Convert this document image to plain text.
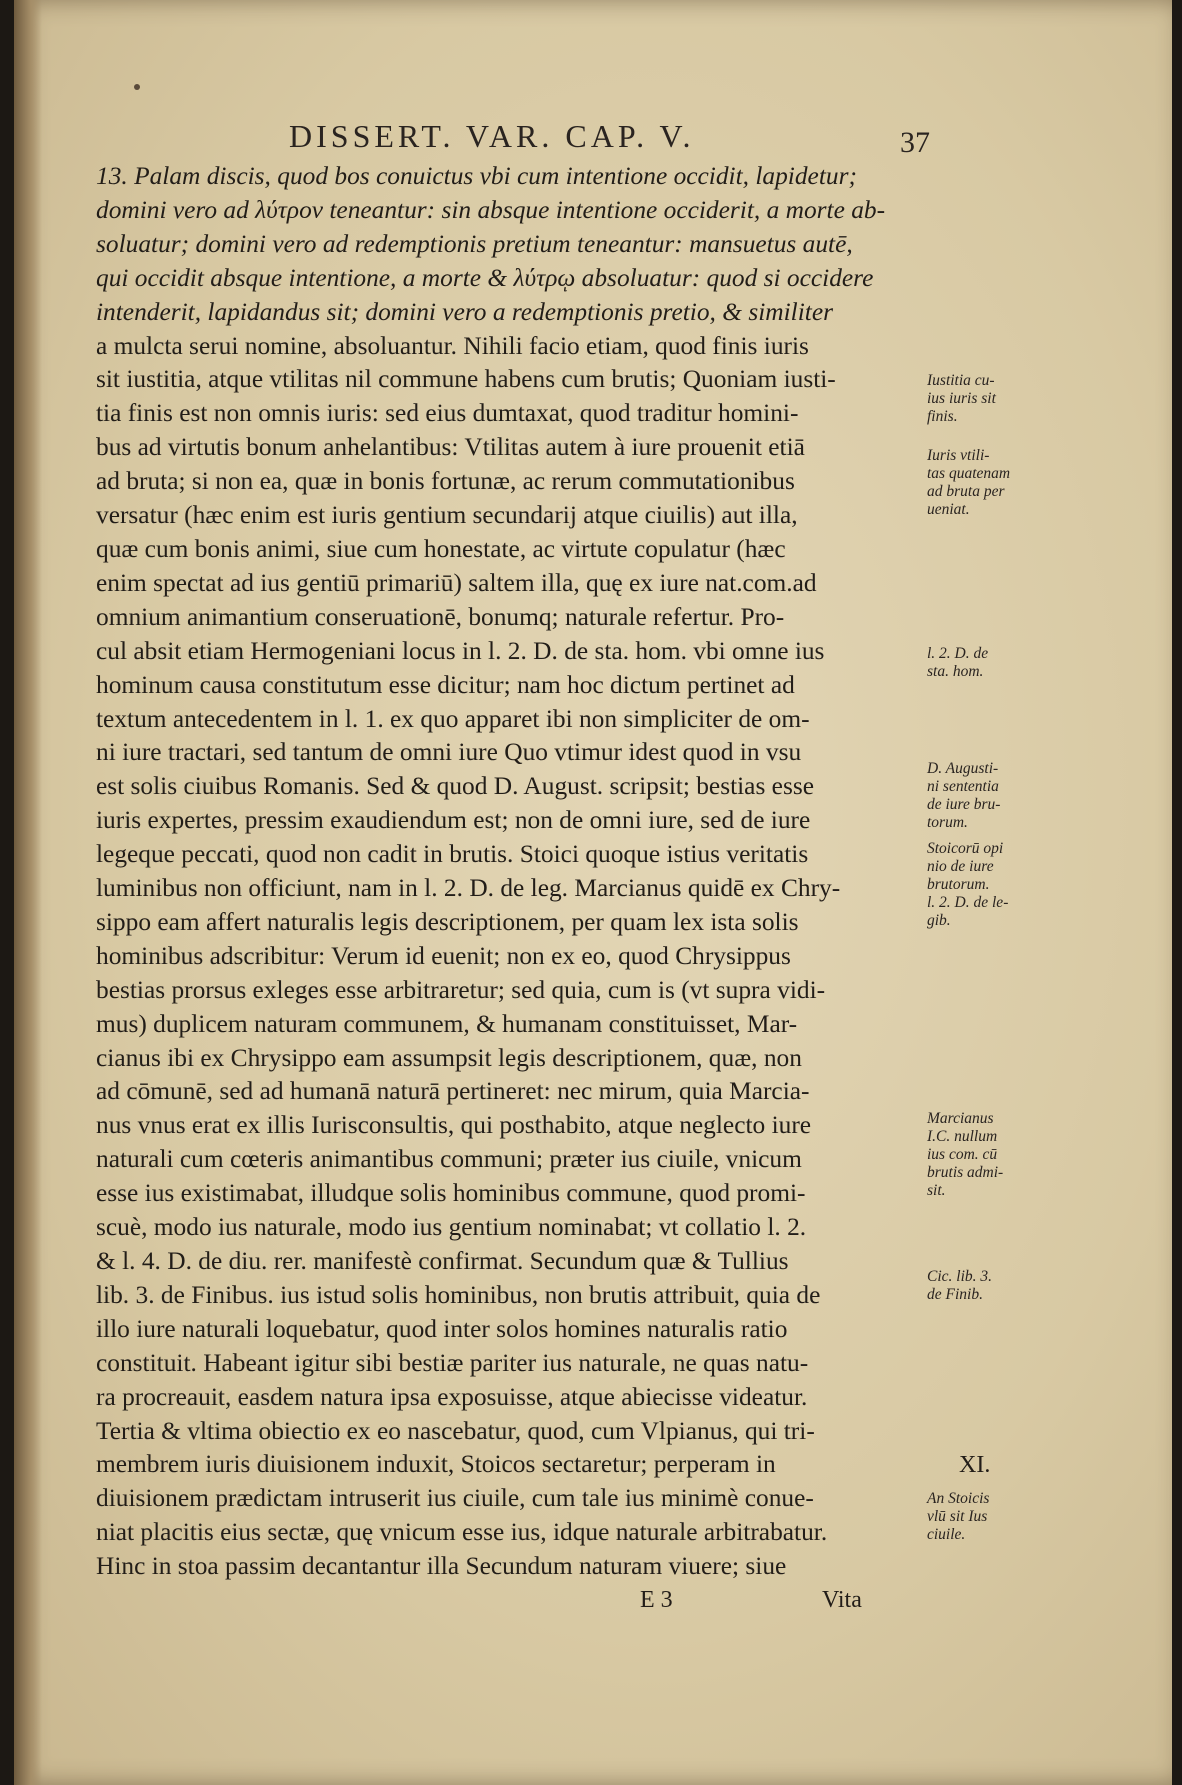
DISSERT. VAR. CAP. V.	37
13. Palam discis, quod bos conuictus vbi cum intentione occidit, lapidetur;
domini vero ad λύτρον teneantur: sin absque intentione occiderit, a morte ab-
soluatur; domini vero ad redemptionis pretium teneantur: mansuetus autē,
qui occidit absque intentione, a morte & λύτρῳ absoluatur: quod si occidere
intenderit, lapidandus sit; domini vero a redemptionis pretio, & similiter
a mulcta serui nomine, absoluantur. Nihili facio etiam, quod finis iuris
sit iustitia, atque vtilitas nil commune habens cum brutis; Quoniam iusti-
tia finis est non omnis iuris: sed eius dumtaxat, quod traditur homini-
bus ad virtutis bonum anhelantibus: Vtilitas autem à iure prouenit etiā
ad bruta; si non ea, quæ in bonis fortunæ, ac rerum commutationibus
versatur (hæc enim est iuris gentium secundarij atque ciuilis) aut illa,
quæ cum bonis animi, siue cum honestate, ac virtute copulatur (hæc
enim spectat ad ius gentiū primariū) saltem illa, quę ex iure nat.com.ad
omnium animantium conseruationē, bonumq; naturale refertur. Pro-
cul absit etiam Hermogeniani locus in l. 2. D. de sta. hom. vbi omne ius
hominum causa constitutum esse dicitur; nam hoc dictum pertinet ad
textum antecedentem in l. 1. ex quo apparet ibi non simpliciter de om-
ni iure tractari, sed tantum de omni iure Quo vtimur idest quod in vsu
est solis ciuibus Romanis. Sed & quod D. August. scripsit; bestias esse
iuris expertes, pressim exaudiendum est; non de omni iure, sed de iure
legeque peccati, quod non cadit in brutis. Stoici quoque istius veritatis
luminibus non officiunt, nam in l. 2. D. de leg. Marcianus quidē ex Chry-
sippo eam affert naturalis legis descriptionem, per quam lex ista solis
hominibus adscribitur: Verum id euenit; non ex eo, quod Chrysippus
bestias prorsus exleges esse arbitraretur; sed quia, cum is (vt supra vidi-
mus) duplicem naturam communem, & humanam constituisset, Mar-
cianus ibi ex Chrysippo eam assumpsit legis descriptionem, quæ, non
ad cōmunē, sed ad humanā naturā pertineret: nec mirum, quia Marcia-
nus vnus erat ex illis Iurisconsultis, qui posthabito, atque neglecto iure
naturali cum cœteris animantibus communi; præter ius ciuile, vnicum
esse ius existimabat, illudque solis hominibus commune, quod promi-
scuè, modo ius naturale, modo ius gentium nominabat; vt collatio l. 2.
& l. 4. D. de diu. rer. manifestè confirmat. Secundum quæ & Tullius
lib. 3. de Finibus. ius istud solis hominibus, non brutis attribuit, quia de
illo iure naturali loquebatur, quod inter solos homines naturalis ratio
constituit. Habeant igitur sibi bestiæ pariter ius naturale, ne quas natu-
ra procreauit, easdem natura ipsa exposuisse, atque abiecisse videatur.
Tertia & vltima obiectio ex eo nascebatur, quod, cum Vlpianus, qui tri-
membrem iuris diuisionem induxit, Stoicos sectaretur; perperam in
diuisionem prædictam intruserit ius ciuile, cum tale ius minimè conue-
niat placitis eius sectæ, quę vnicum esse ius, idque naturale arbitrabatur.
Hinc in stoa passim decantantur illa Secundum naturam viuere; siue
Iustitia cu-
ius iuris sit
finis.
Iuris vtili-
tas quatenam
ad bruta per
ueniat.
l. 2. D. de
sta. hom.
D. Augusti-
ni sententia
de iure bru-
torum.
Stoicorū opi
nio de iure
brutorum.
l. 2. D. de le-
gib.
Marcianus
I.C. nullum
ius com. cū
brutis admi-
sit.
Cic. lib. 3.
de Finib.
XI.
An Stoicis
vlū sit Ius
ciuile.
E 3	Vita
